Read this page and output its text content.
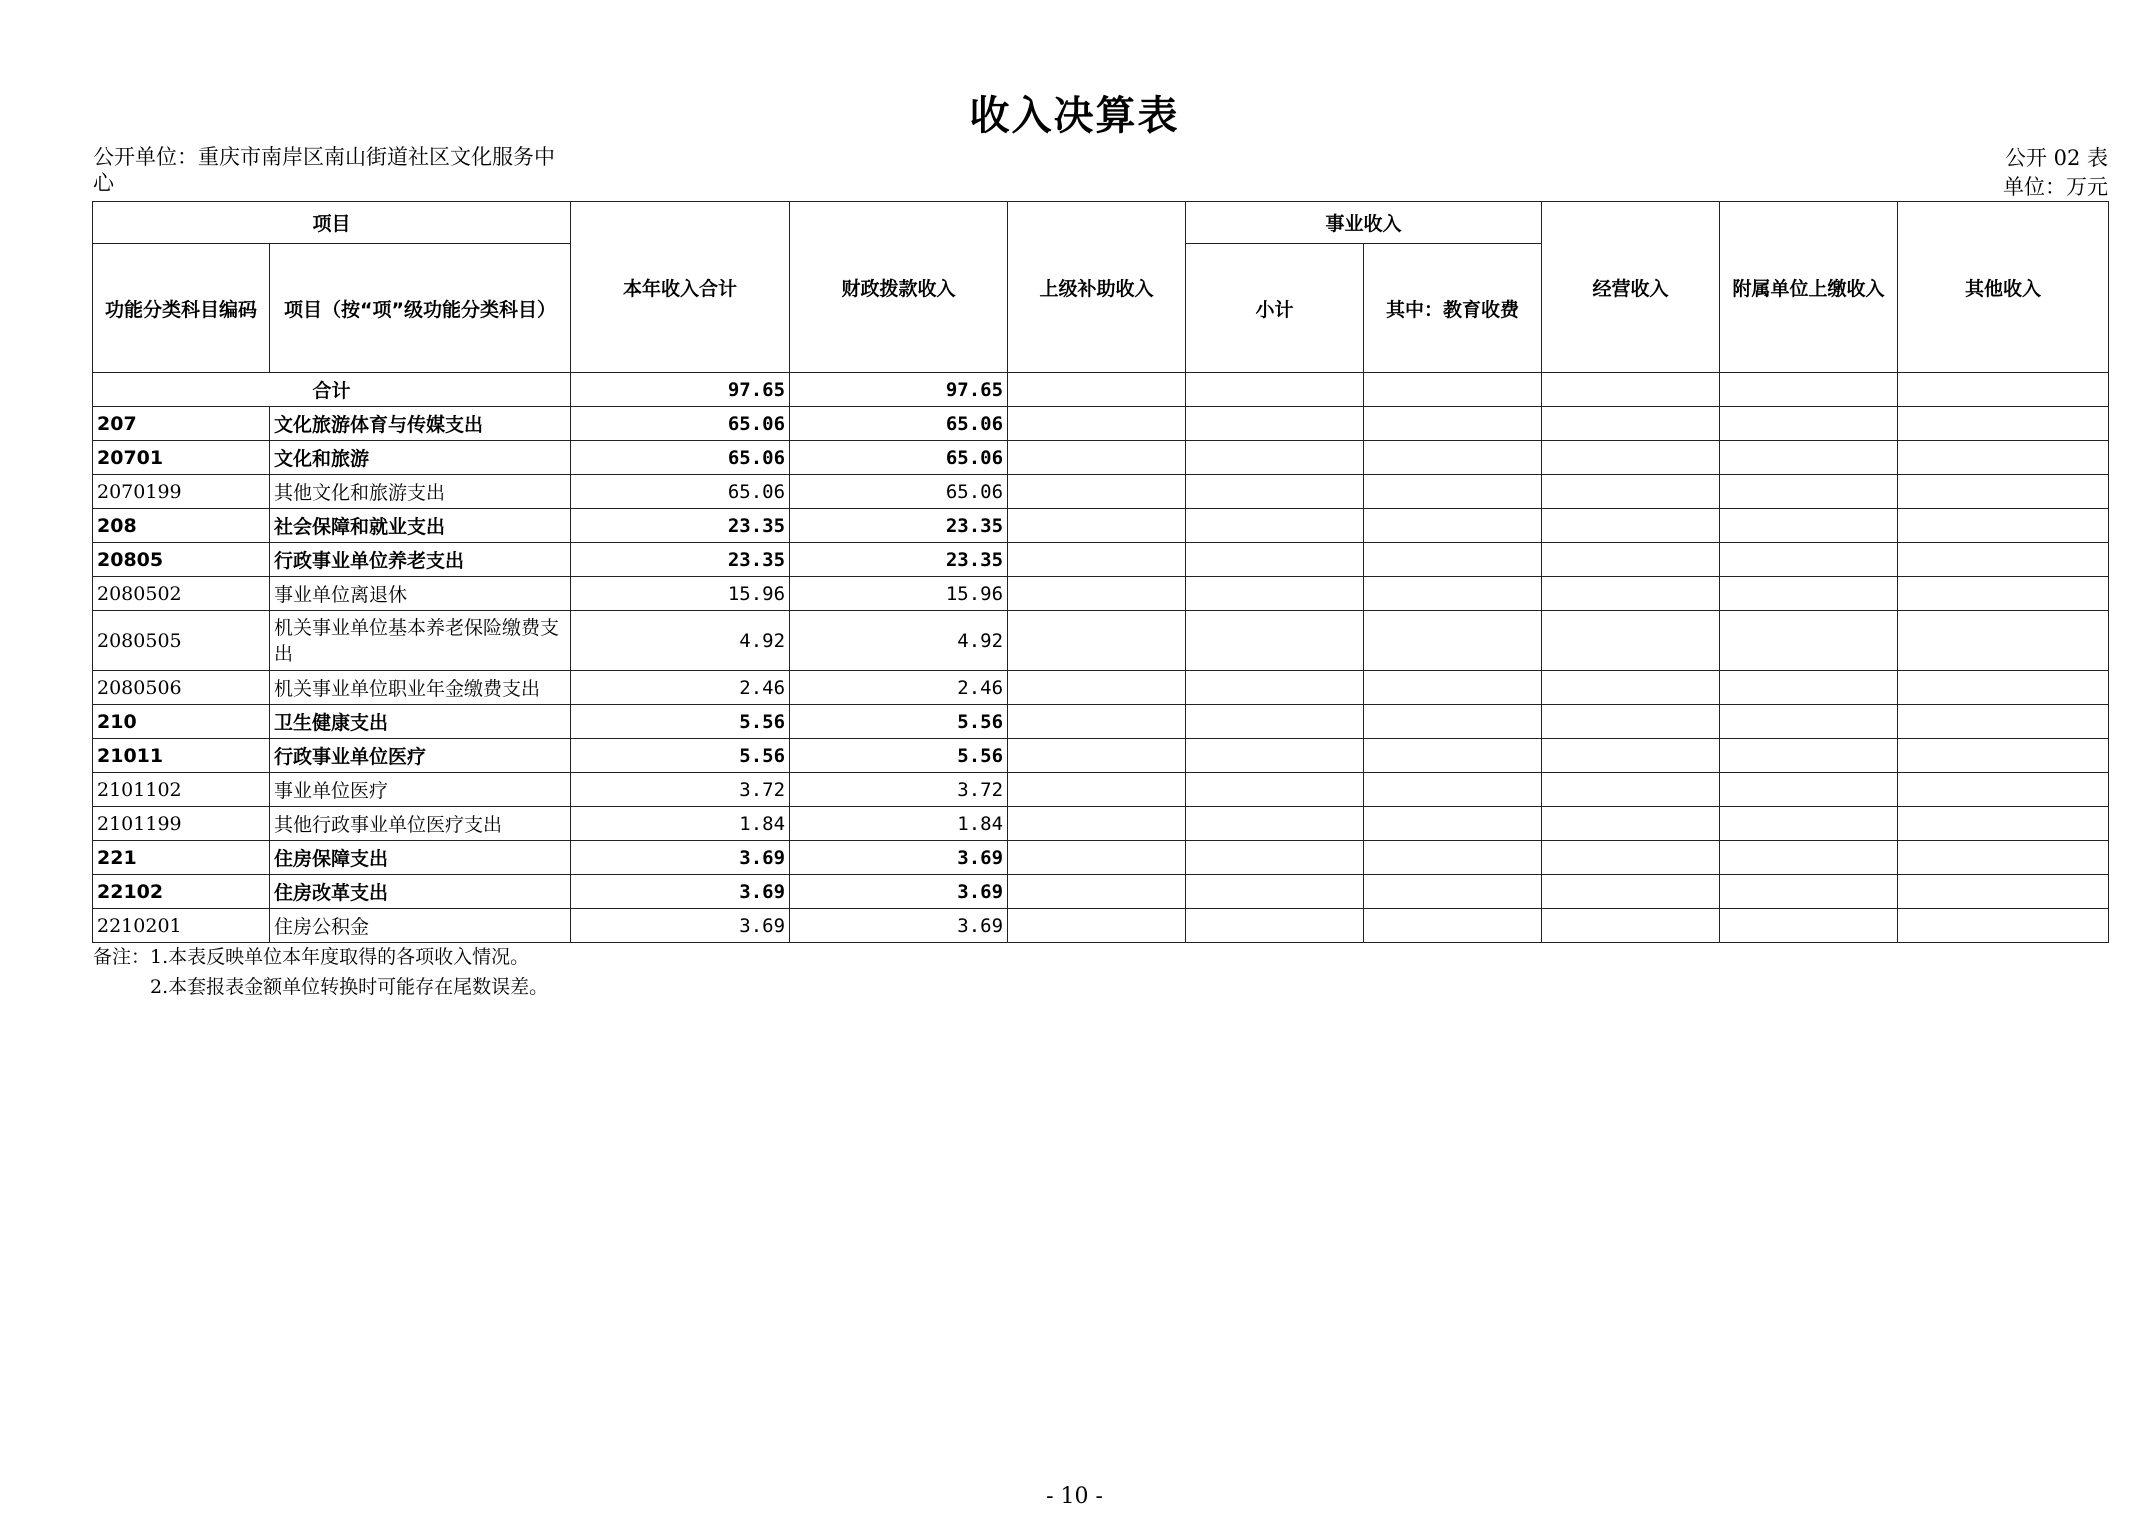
收入决算表
公开单位：重庆市南岸区南山街道社区文化服务中
心
公开 02 表
单位：万元
项目		本年收入合计	财政拨款收入	上级补助收入	事业收入		经营收入	附属单位上缴收入	其他收入
功能分类科目编码	项目（按“项”级功能分类科目）				小计	其中：教育收费			
合计		97.65	97.65						
207	文化旅游体育与传媒支出	65.06	65.06						
20701	文化和旅游	65.06	65.06						
2070199	其他文化和旅游支出	65.06	65.06						
208	社会保障和就业支出	23.35	23.35						
20805	行政事业单位养老支出	23.35	23.35						
2080502	事业单位离退休	15.96	15.96						
2080505	机关事业单位基本养老保险缴费支出	4.92	4.92						
2080506	机关事业单位职业年金缴费支出	2.46	2.46						
210	卫生健康支出	5.56	5.56						
21011	行政事业单位医疗	5.56	5.56						
2101102	事业单位医疗	3.72	3.72						
2101199	其他行政事业单位医疗支出	1.84	1.84						
221	住房保障支出	3.69	3.69						
22102	住房改革支出	3.69	3.69						
2210201	住房公积金	3.69	3.69						
备注：1.本表反映单位本年度取得的各项收入情况。
2.本套报表金额单位转换时可能存在尾数误差。
- 10 -
